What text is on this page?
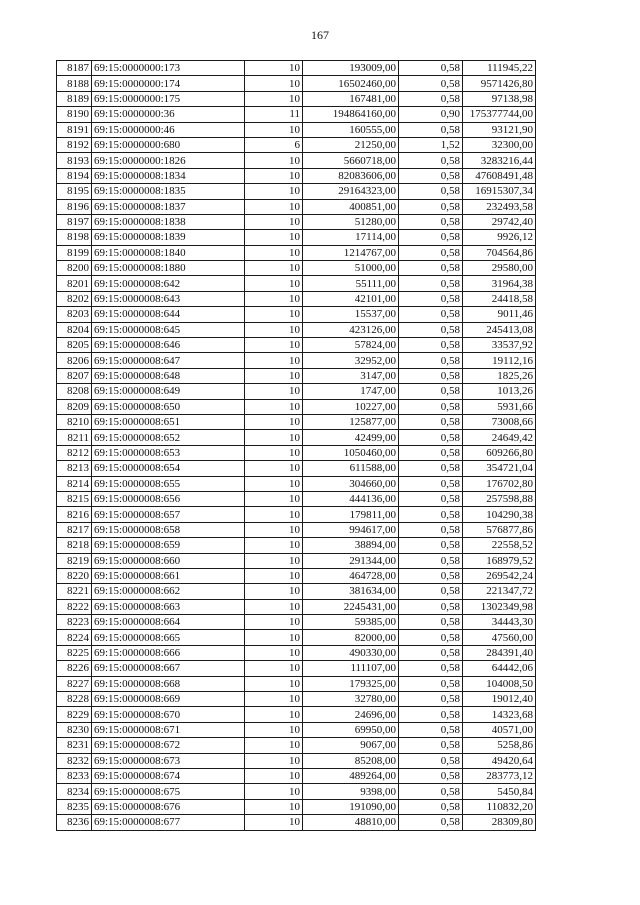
167
8187	69:15:0000000:173	10	193009,00	0,58	111945,22
8188	69:15:0000000:174	10	16502460,00	0,58	9571426,80
8189	69:15:0000000:175	10	167481,00	0,58	97138,98
8190	69:15:0000000:36	11	194864160,00	0,90	175377744,00
8191	69:15:0000000:46	10	160555,00	0,58	93121,90
8192	69:15:0000000:680	6	21250,00	1,52	32300,00
8193	69:15:0000000:1826	10	5660718,00	0,58	3283216,44
8194	69:15:0000008:1834	10	82083606,00	0,58	47608491,48
8195	69:15:0000008:1835	10	29164323,00	0,58	16915307,34
8196	69:15:0000008:1837	10	400851,00	0,58	232493,58
8197	69:15:0000008:1838	10	51280,00	0,58	29742,40
8198	69:15:0000008:1839	10	17114,00	0,58	9926,12
8199	69:15:0000008:1840	10	1214767,00	0,58	704564,86
8200	69:15:0000008:1880	10	51000,00	0,58	29580,00
8201	69:15:0000008:642	10	55111,00	0,58	31964,38
8202	69:15:0000008:643	10	42101,00	0,58	24418,58
8203	69:15:0000008:644	10	15537,00	0,58	9011,46
8204	69:15:0000008:645	10	423126,00	0,58	245413,08
8205	69:15:0000008:646	10	57824,00	0,58	33537,92
8206	69:15:0000008:647	10	32952,00	0,58	19112,16
8207	69:15:0000008:648	10	3147,00	0,58	1825,26
8208	69:15:0000008:649	10	1747,00	0,58	1013,26
8209	69:15:0000008:650	10	10227,00	0,58	5931,66
8210	69:15:0000008:651	10	125877,00	0,58	73008,66
8211	69:15:0000008:652	10	42499,00	0,58	24649,42
8212	69:15:0000008:653	10	1050460,00	0,58	609266,80
8213	69:15:0000008:654	10	611588,00	0,58	354721,04
8214	69:15:0000008:655	10	304660,00	0,58	176702,80
8215	69:15:0000008:656	10	444136,00	0,58	257598,88
8216	69:15:0000008:657	10	179811,00	0,58	104290,38
8217	69:15:0000008:658	10	994617,00	0,58	576877,86
8218	69:15:0000008:659	10	38894,00	0,58	22558,52
8219	69:15:0000008:660	10	291344,00	0,58	168979,52
8220	69:15:0000008:661	10	464728,00	0,58	269542,24
8221	69:15:0000008:662	10	381634,00	0,58	221347,72
8222	69:15:0000008:663	10	2245431,00	0,58	1302349,98
8223	69:15:0000008:664	10	59385,00	0,58	34443,30
8224	69:15:0000008:665	10	82000,00	0,58	47560,00
8225	69:15:0000008:666	10	490330,00	0,58	284391,40
8226	69:15:0000008:667	10	111107,00	0,58	64442,06
8227	69:15:0000008:668	10	179325,00	0,58	104008,50
8228	69:15:0000008:669	10	32780,00	0,58	19012,40
8229	69:15:0000008:670	10	24696,00	0,58	14323,68
8230	69:15:0000008:671	10	69950,00	0,58	40571,00
8231	69:15:0000008:672	10	9067,00	0,58	5258,86
8232	69:15:0000008:673	10	85208,00	0,58	49420,64
8233	69:15:0000008:674	10	489264,00	0,58	283773,12
8234	69:15:0000008:675	10	9398,00	0,58	5450,84
8235	69:15:0000008:676	10	191090,00	0,58	110832,20
8236	69:15:0000008:677	10	48810,00	0,58	28309,80
